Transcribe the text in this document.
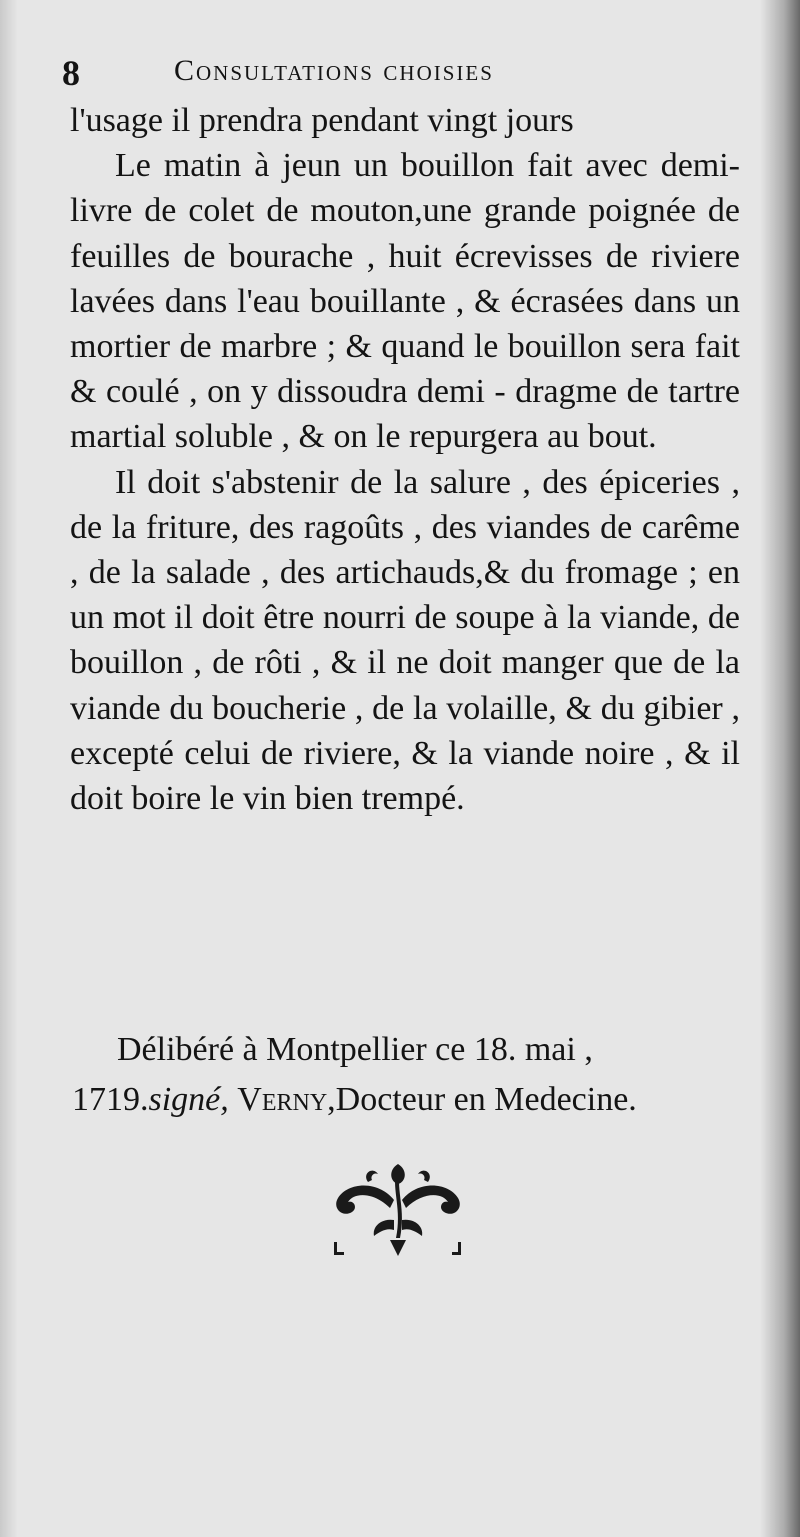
8	Consultations choisies

l'usage il prendra pendant vingt jours

Le matin à jeun un bouillon fait avec demi-livre de colet de mouton,une grande poignée de feuilles de bourache , huit écrevisses de riviere lavées dans l'eau bouillante , & écrasées dans un mortier de marbre ; & quand le bouillon sera fait & coulé , on y dissoudra demi - dragme de tartre martial soluble , & on le repurgera au bout.

Il doit s'abstenir de la salure , des épiceries , de la friture, des ragoûts , des viandes de carême , de la salade , des artichauds,& du fromage ; en un mot il doit être nourri de soupe à la viande, de bouillon , de rôti , & il ne doit manger que de la viande du boucherie , de la volaille, & du gibier , excepté celui de riviere, & la viande noire , & il doit boire le vin bien trempé.

Délibéré à Montpellier ce 18. mai ,
1719.signé, Verny,Docteur en Medecine.
